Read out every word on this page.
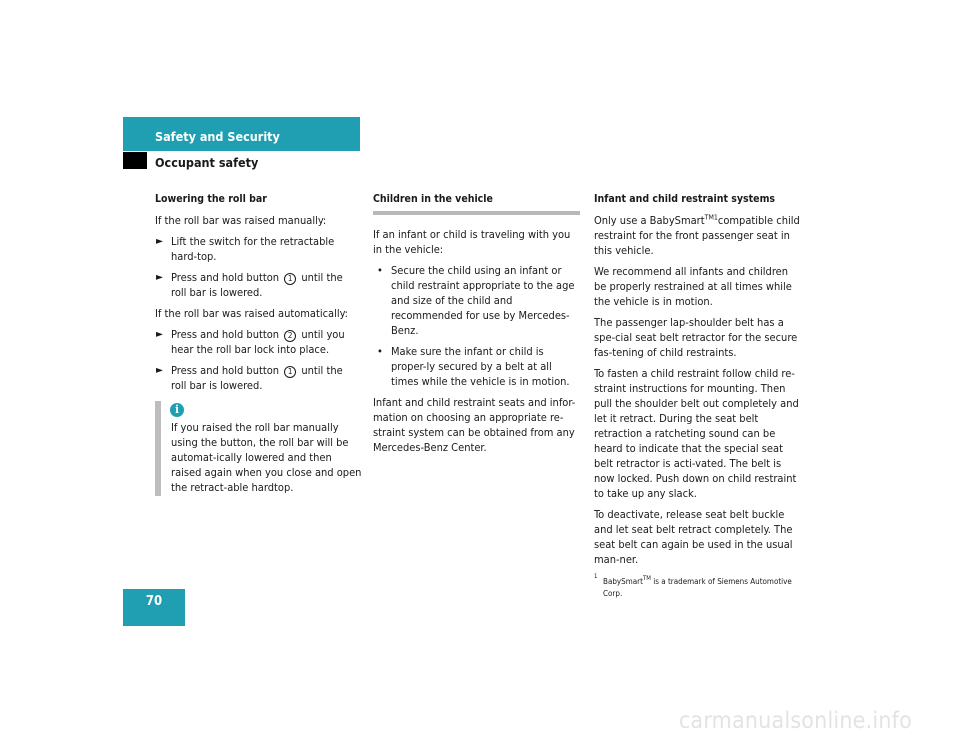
Safety and Security
Occupant safety
Lowering the roll bar

If the roll bar was raised manually:

► Lift the switch for the retractable hard-top.
► Press and hold button 1 until the roll bar is lowered.

If the roll bar was raised automatically:

► Press and hold button 2 until you hear the roll bar lock into place.
► Press and hold button 1 until the roll bar is lowered.
i
If you raised the roll bar manually using the button, the roll bar will be automat-ically lowered and then raised again when you close and open the retract-able hardtop.
Children in the vehicle

If an infant or child is traveling with you in the vehicle:

• Secure the child using an infant or child restraint appropriate to the age and size of the child and recommended for use by Mercedes-Benz.
• Make sure the infant or child is proper-ly secured by a belt at all times while the vehicle is in motion.

Infant and child restraint seats and infor-mation on choosing an appropriate re-straint system can be obtained from any Mercedes-Benz Center.

Infant and child restraint systems

Only use a BabySmart$^{TM1}$compatible child restraint for the front passenger seat in this vehicle.

We recommend all infants and children be properly restrained at all times while the vehicle is in motion.

The passenger lap-shoulder belt has a spe-cial seat belt retractor for the secure fas-tening of child restraints.

To fasten a child restraint follow child re-straint instructions for mounting. Then pull the shoulder belt out completely and let it retract. During the seat belt retraction a ratcheting sound can be heard to indicate that the special seat belt retractor is acti-vated. The belt is now locked. Push down on child restraint to take up any slack.

To deactivate, release seat belt buckle and let seat belt retract completely. The seat belt can again be used in the usual man-ner.

1
BabySmart™ is a trademark of Siemens Automotive Corp.
70
carmanualsonline.info
